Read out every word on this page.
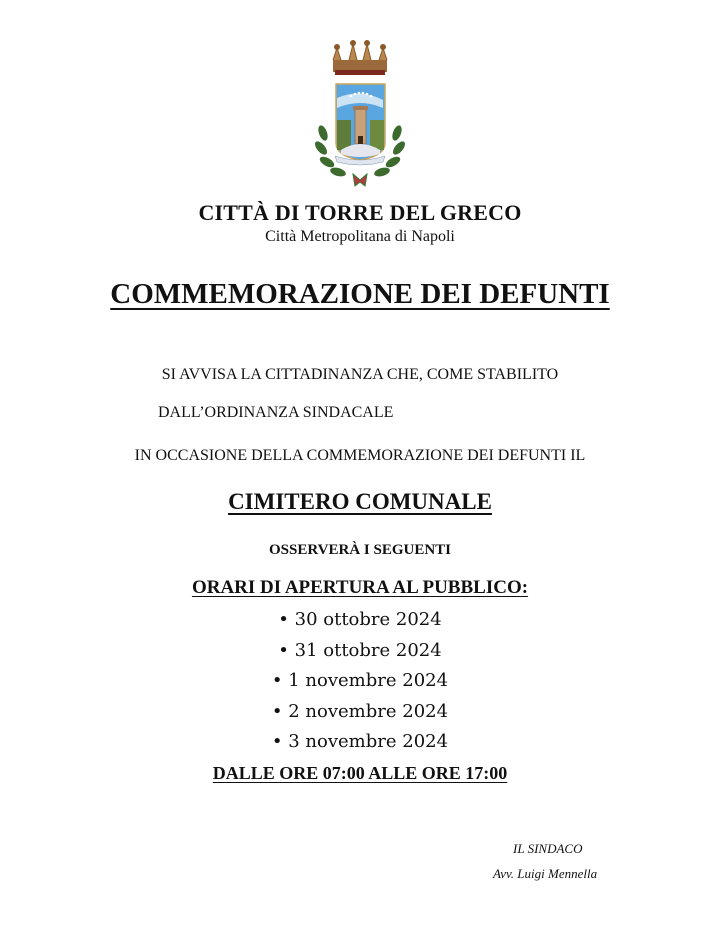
CITTÀ DI TORRE DEL GRECO
Città Metropolitana di Napoli
COMMEMORAZIONE DEI DEFUNTI
SI AVVISA LA CITTADINANZA CHE, COME STABILITO
DALL’ORDINANZA SINDACALE
IN OCCASIONE DELLA COMMEMORAZIONE DEI DEFUNTI IL
CIMITERO COMUNALE
OSSERVERÀ I SEGUENTI
ORARI DI APERTURA AL PUBBLICO:
• 30 ottobre 2024
• 31 ottobre 2024
• 1 novembre 2024
• 2 novembre 2024
• 3 novembre 2024
DALLE ORE 07:00 ALLE ORE 17:00
IL SINDACO
Avv. Luigi Mennella
